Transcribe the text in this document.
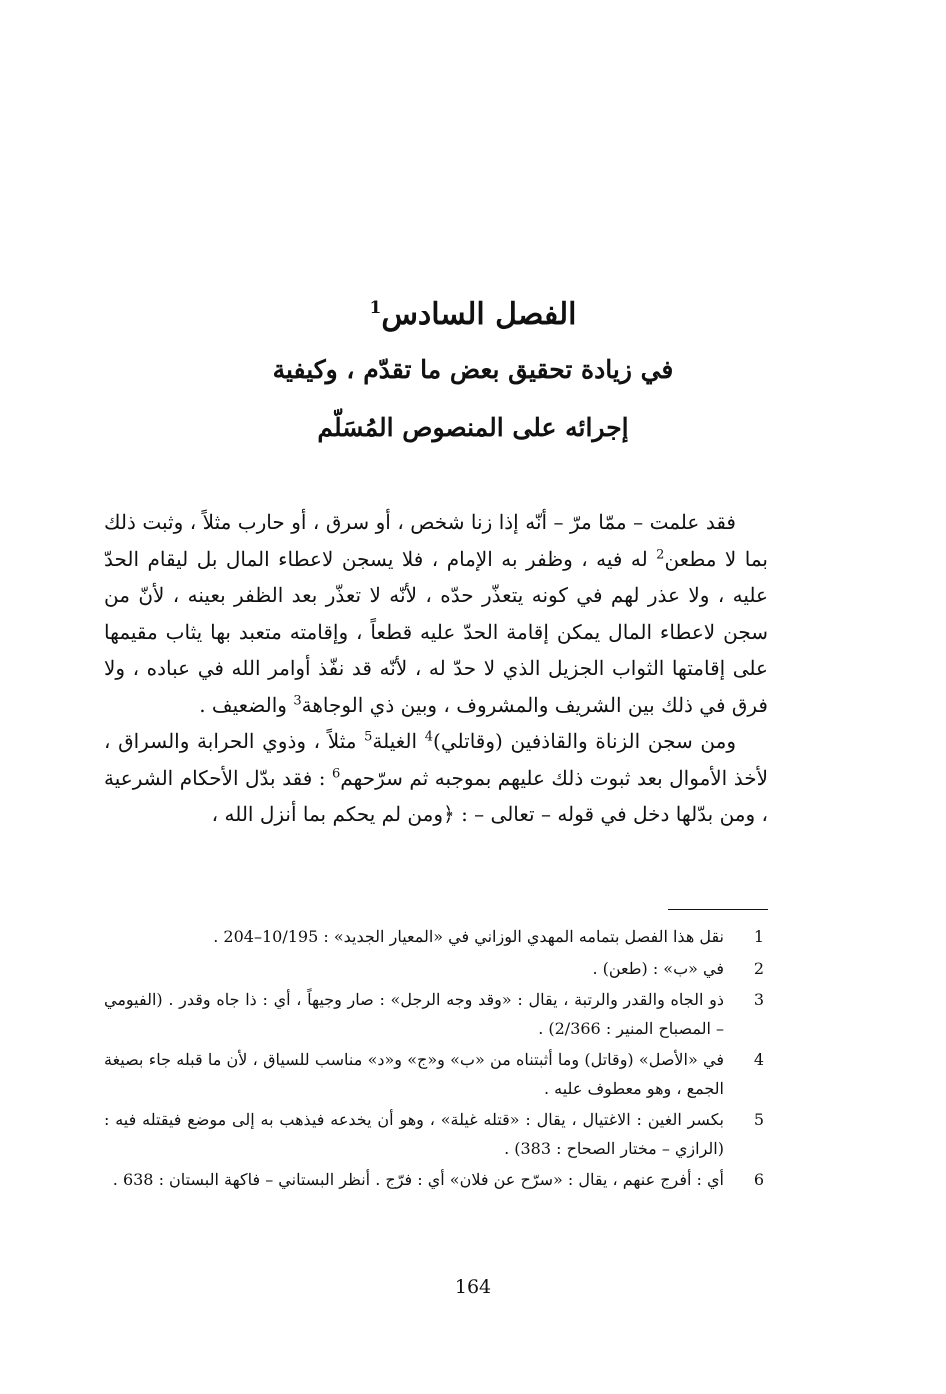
الفصل السادس$^1$

في زيادة تحقيق بعض ما تقدّم ، وكيفية

إجرائه على المنصوص المُسَلّم

فقد علمت – ممّا مرّ – أنّه إذا زنا شخص ، أو سرق ، أو حارب مثلاً ، وثبت ذلك بما لا مطعن$^2$ له فيه ، وظفر به الإمام ، فلا يسجن لاعطاء المال بل ليقام الحدّ عليه ، ولا عذر لهم في كونه يتعذّر حدّه ، لأنّه لا تعذّر بعد الظفر بعينه ، لأنّ من سجن لاعطاء المال يمكن إقامة الحدّ عليه قطعاً ، وإقامته متعبد بها يثاب مقيمها على إقامتها الثواب الجزيل الذي لا حدّ له ، لأنّه قد نفّذ أوامر الله في عباده ، ولا فرق في ذلك بين الشريف والمشروف ، وبين ذي الوجاهة$^3$ والضعيف .

ومن سجن الزناة والقاذفين (وقاتلي)$^4$ الغيلة$^5$ مثلاً ، وذوي الحرابة والسراق ، لأخذ الأموال بعد ثبوت ذلك عليهم بموجبه ثم سرّحهم$^6$ : فقد بدّل الأحكام الشرعية ، ومن بدّلها دخل في قوله – تعالى – : ﴿ومن لم يحكم بما أنزل الله ،

1
نقل هذا الفصل بتمامه المهدي الوزاني في «المعيار الجديد» : 10/195–204 .
2
في «ب» : (طعن) .
3
ذو الجاه والقدر والرتبة ، يقال : «وقد وجه الرجل» : صار وجيهاً ، أي : ذا جاه وقدر . (الفيومي – المصباح المنير : 2/366) .
4
في «الأصل» (وقاتل) وما أثبتناه من «ب» و«ج» و«د» مناسب للسياق ، لأن ما قبله جاء بصيغة الجمع ، وهو معطوف عليه .
5
بكسر الغين : الاغتيال ، يقال : «قتله غيلة» ، وهو أن يخدعه فيذهب به إلى موضع فيقتله فيه : (الرازي – مختار الصحاح : 383) .
6
أي : أفرج عنهم ، يقال : «سرّح عن فلان» أي : فرّج . أنظر البستاني – فاكهة البستان : 638 .
164
